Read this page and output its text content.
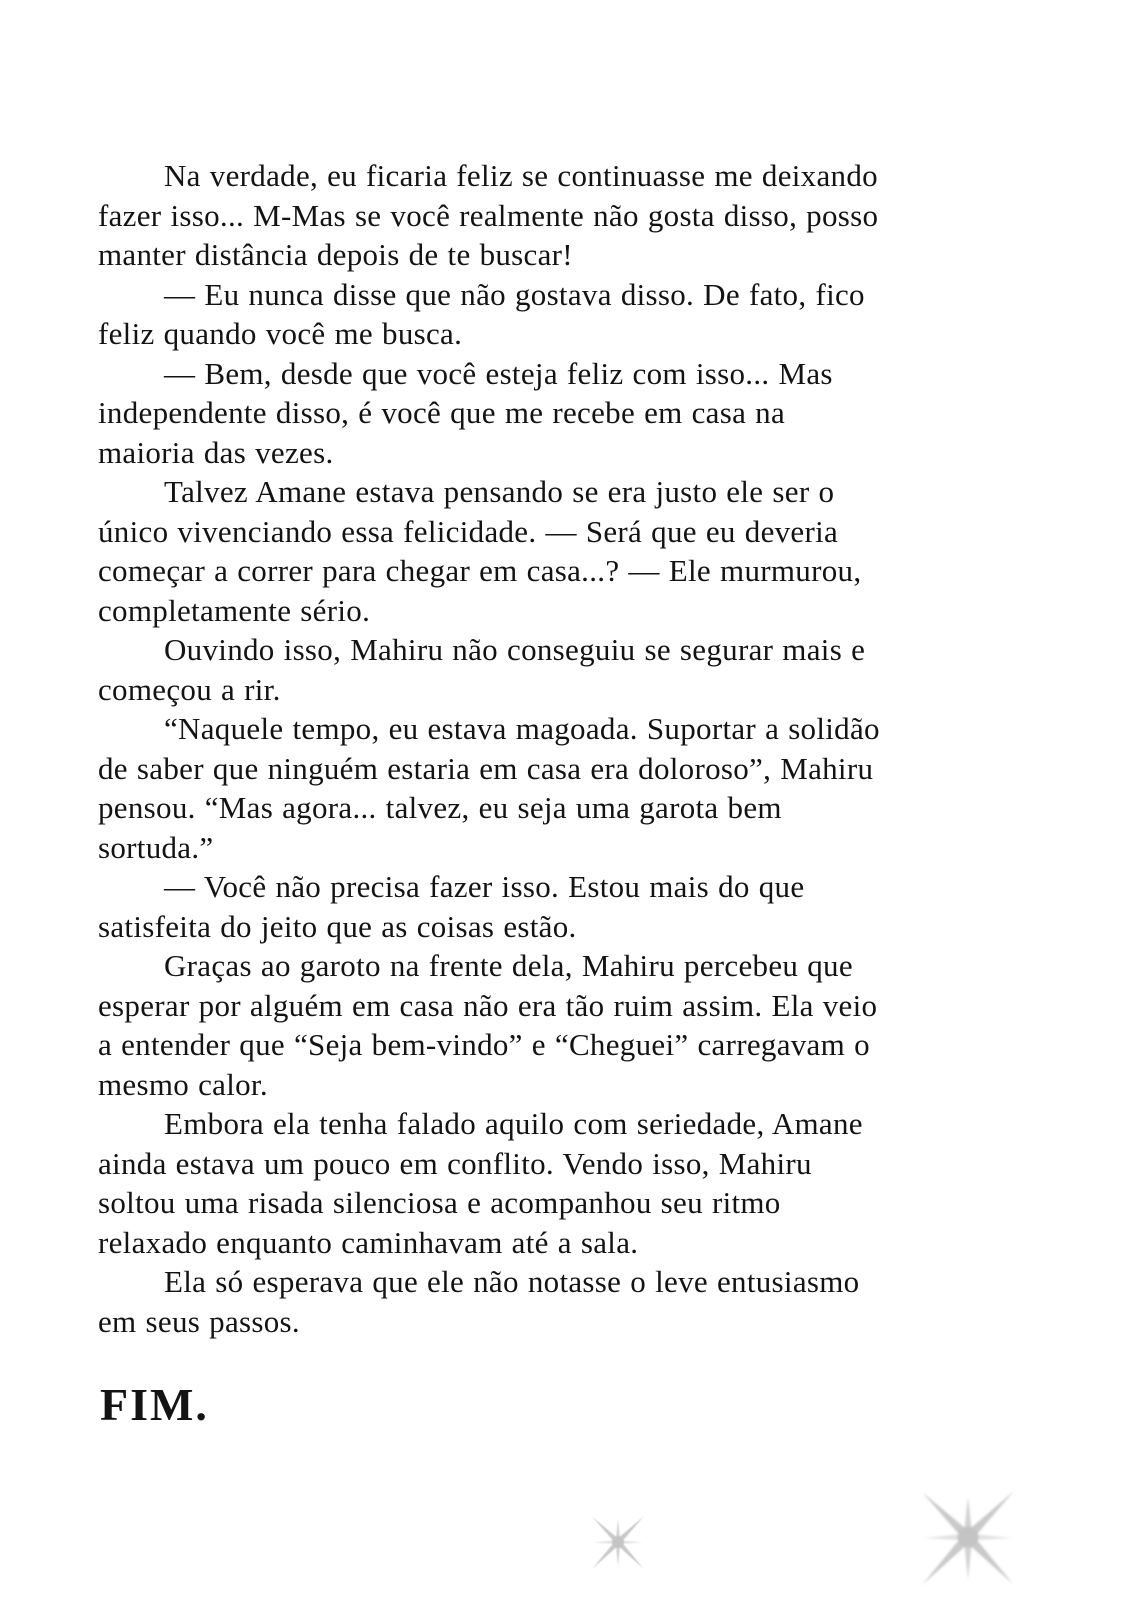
Na verdade, eu ficaria feliz se continuasse me deixando
fazer isso... M-Mas se você realmente não gosta disso, posso
manter distância depois de te buscar!

— Eu nunca disse que não gostava disso. De fato, fico
feliz quando você me busca.

— Bem, desde que você esteja feliz com isso... Mas
independente disso, é você que me recebe em casa na
maioria das vezes.

Talvez Amane estava pensando se era justo ele ser o
único vivenciando essa felicidade. — Será que eu deveria
começar a correr para chegar em casa...? — Ele murmurou,
completamente sério.

Ouvindo isso, Mahiru não conseguiu se segurar mais e
começou a rir.

“Naquele tempo, eu estava magoada. Suportar a solidão
de saber que ninguém estaria em casa era doloroso”, Mahiru
pensou. “Mas agora... talvez, eu seja uma garota bem
sortuda.”

— Você não precisa fazer isso. Estou mais do que
satisfeita do jeito que as coisas estão.

Graças ao garoto na frente dela, Mahiru percebeu que
esperar por alguém em casa não era tão ruim assim. Ela veio
a entender que “Seja bem-vindo” e “Cheguei” carregavam o
mesmo calor.

Embora ela tenha falado aquilo com seriedade, Amane
ainda estava um pouco em conflito. Vendo isso, Mahiru
soltou uma risada silenciosa e acompanhou seu ritmo
relaxado enquanto caminhavam até a sala.

Ela só esperava que ele não notasse o leve entusiasmo
em seus passos.

FIM.
